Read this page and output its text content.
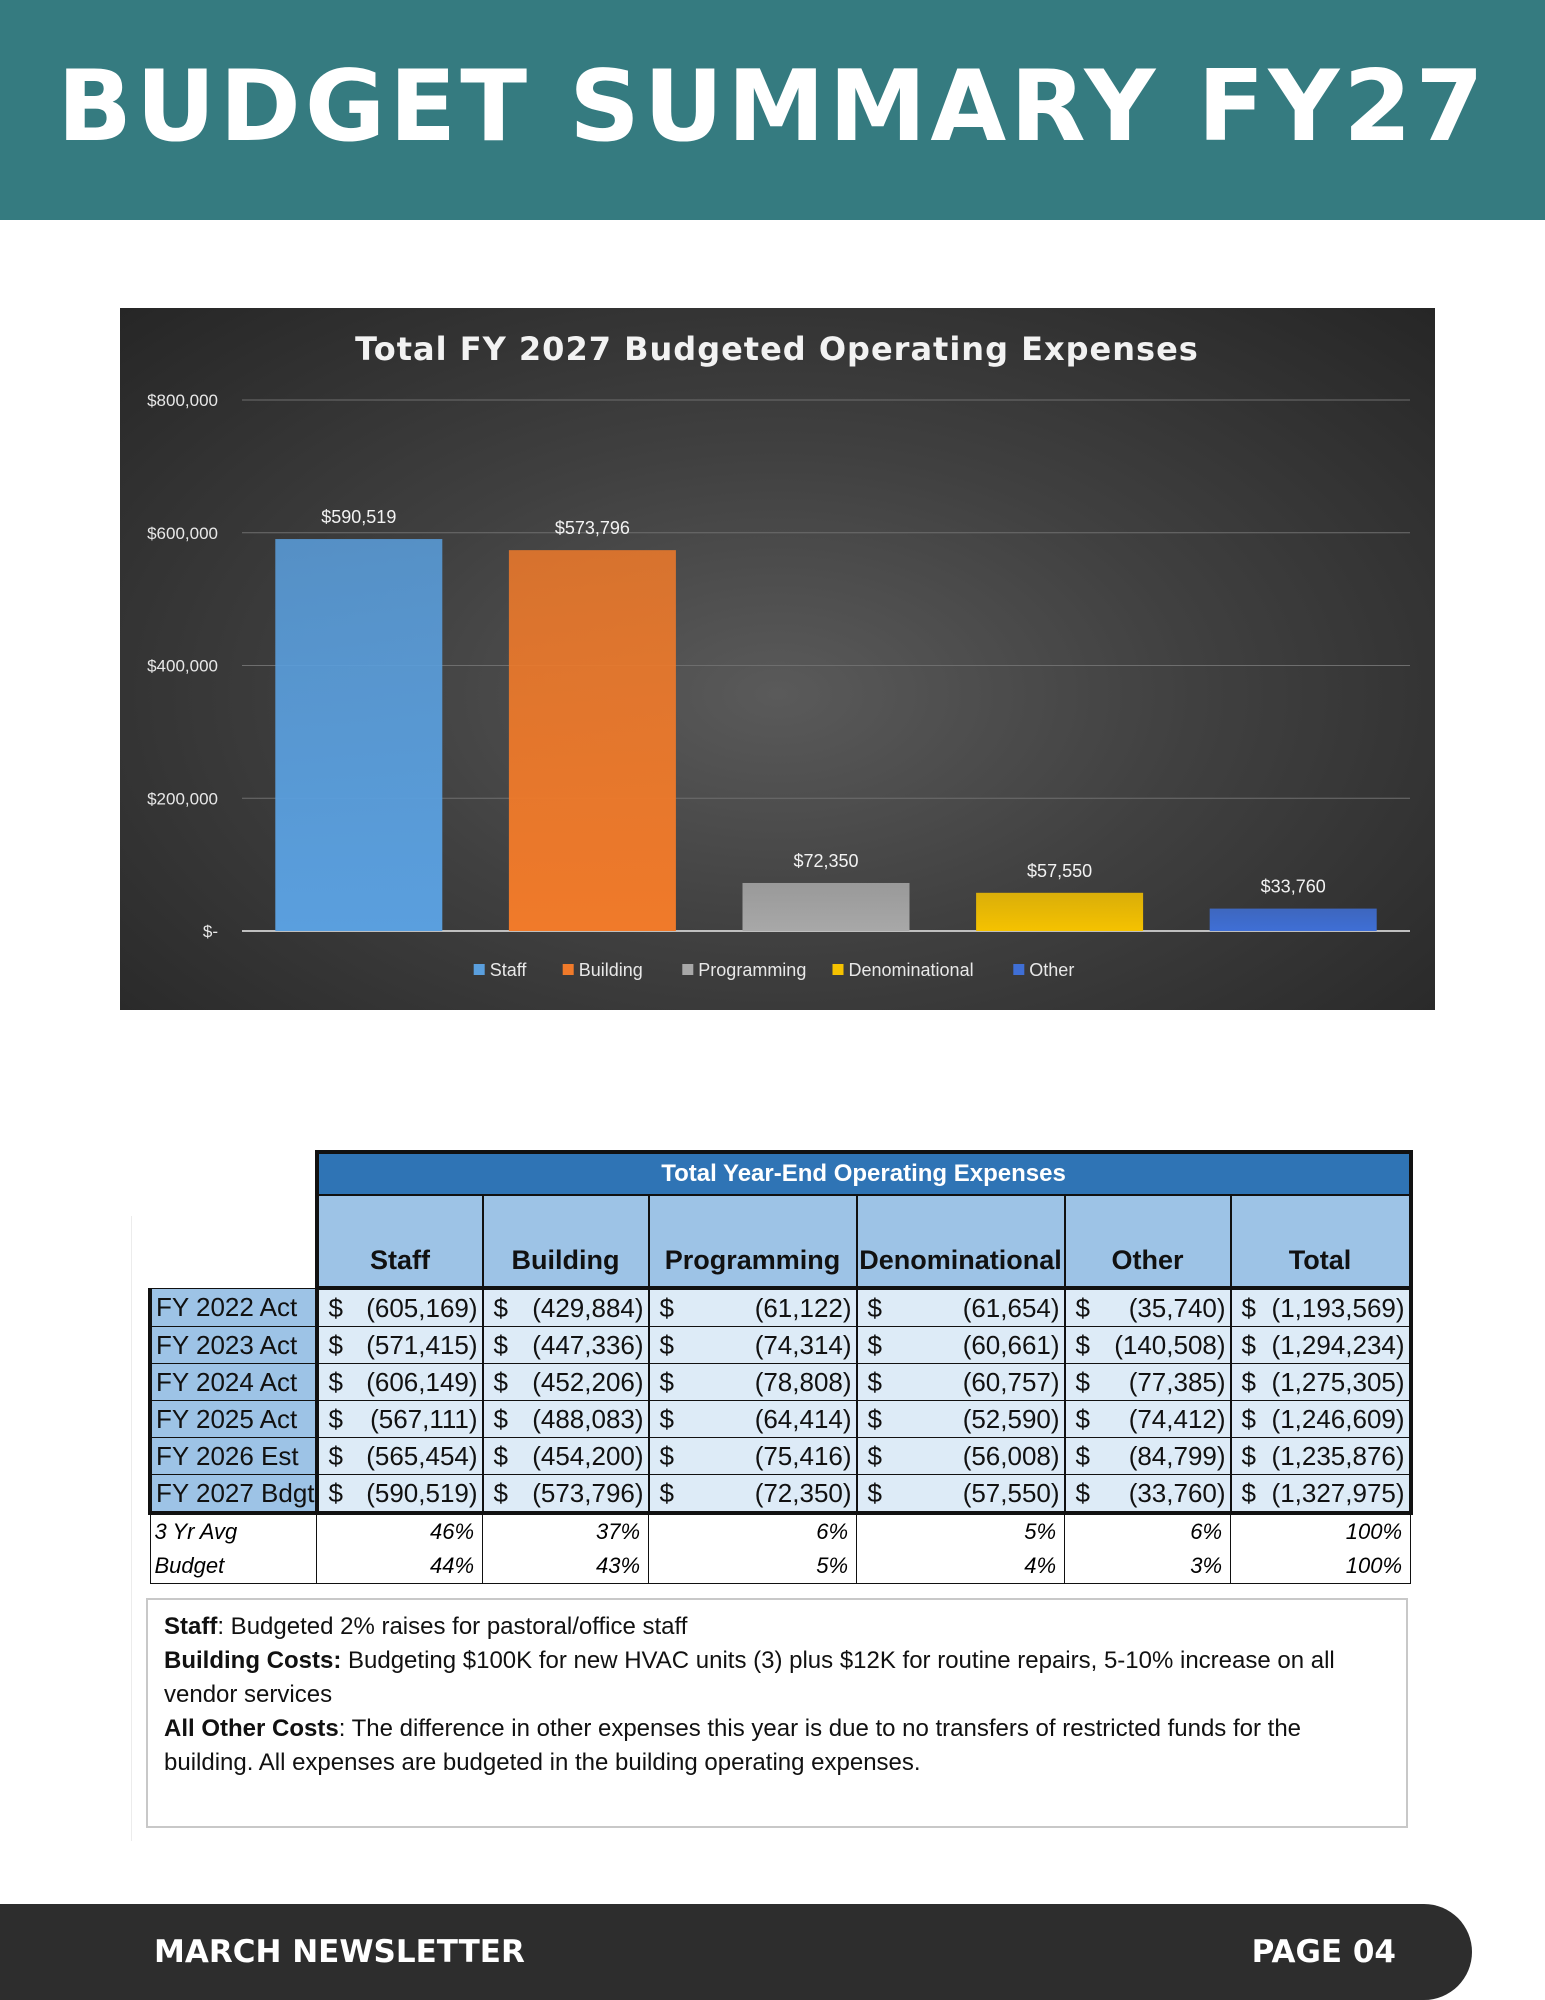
BUDGET SUMMARY FY27
Total FY 2027 Budgeted Operating Expenses
$-
$200,000
$400,000
$600,000
$800,000
$590,519
$573,796
$72,350	$57,550
$33,760
Staff	Building	Programming Denominational	Other
	Total Year-End Operating Expenses					
	Staff	Building	Programming	Denominational	Other	Total
FY 2022 Act	$ (605,169)	$ (429,884)	$ (61,122)	$ (61,654)	$ (35,740)	$ (1,193,569)

FY 2023 Act	$ (571,415)	$ (447,336)	$ (74,314)	$ (60,661)	$ (140,508)	$ (1,294,234)

FY 2024 Act	$ (606,149)	$ (452,206)	$ (78,808)	$ (60,757)	$ (77,385)	$ (1,275,305)

FY 2025 Act	$ (567,111)	$ (488,083)	$ (64,414)	$ (52,590)	$ (74,412)	$ (1,246,609)

FY 2026 Est	$ (565,454)	$ (454,200)	$ (75,416)	$ (56,008)	$ (84,799)	$ (1,235,876)

FY 2027 Bdgt	$ (590,519)	$ (573,796)	$ (72,350)	$ (57,550)	$ (33,760)	$ (1,327,975)

3 Yr Avg	46%	37%	6%	5%	6%	100%
Budget	44%	43%	5%	4%	3%	100%

Staff: Budgeted 2% raises for pastoral/office staff

Building Costs: Budgeting $100K for new HVAC units (3) plus $12K for routine repairs, 5-10% increase on all vendor services

All Other Costs: The difference in other expenses this year is due to no transfers of restricted funds for the building. All expenses are budgeted in the building operating expenses.

MARCH NEWSLETTER	PAGE 04
